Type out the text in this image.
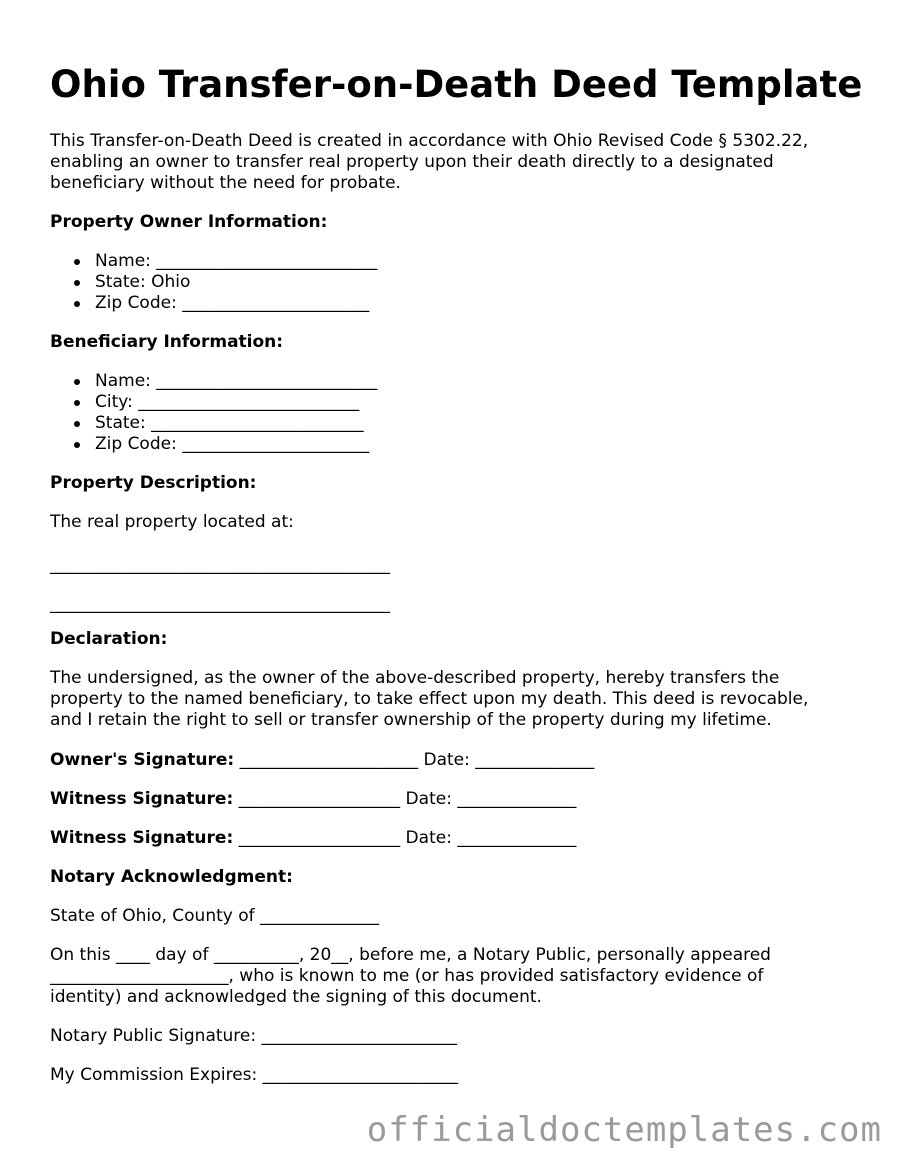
Ohio Transfer-on-Death Deed Template

This Transfer-on-Death Deed is created in accordance with Ohio Revised Code § 5302.22,

enabling an owner to transfer real property upon their death directly to a designated

beneficiary without the need for probate.

Property Owner Information:

Name: __________________________
State: Ohio
Zip Code: ______________________

Beneficiary Information:

Name: __________________________
City: __________________________
State: _________________________
Zip Code: ______________________

Property Description:

The real property located at:

________________________________________

________________________________________

Declaration:

The undersigned, as the owner of the above-described property, hereby transfers the

property to the named beneficiary, to take effect upon my death. This deed is revocable,

and I retain the right to sell or transfer ownership of the property during my lifetime.

Owner's Signature: _____________________ Date: ______________
Witness Signature: ___________________ Date: ______________
Witness Signature: ___________________ Date: ______________

Notary Acknowledgment:

State of Ohio, County of ______________

On this ____ day of __________, 20__, before me, a Notary Public, personally appeared

_____________________, who is known to me (or has provided satisfactory evidence of

identity) and acknowledged the signing of this document.

Notary Public Signature: _______________________

My Commission Expires: _______________________

officialdoctemplates.com
